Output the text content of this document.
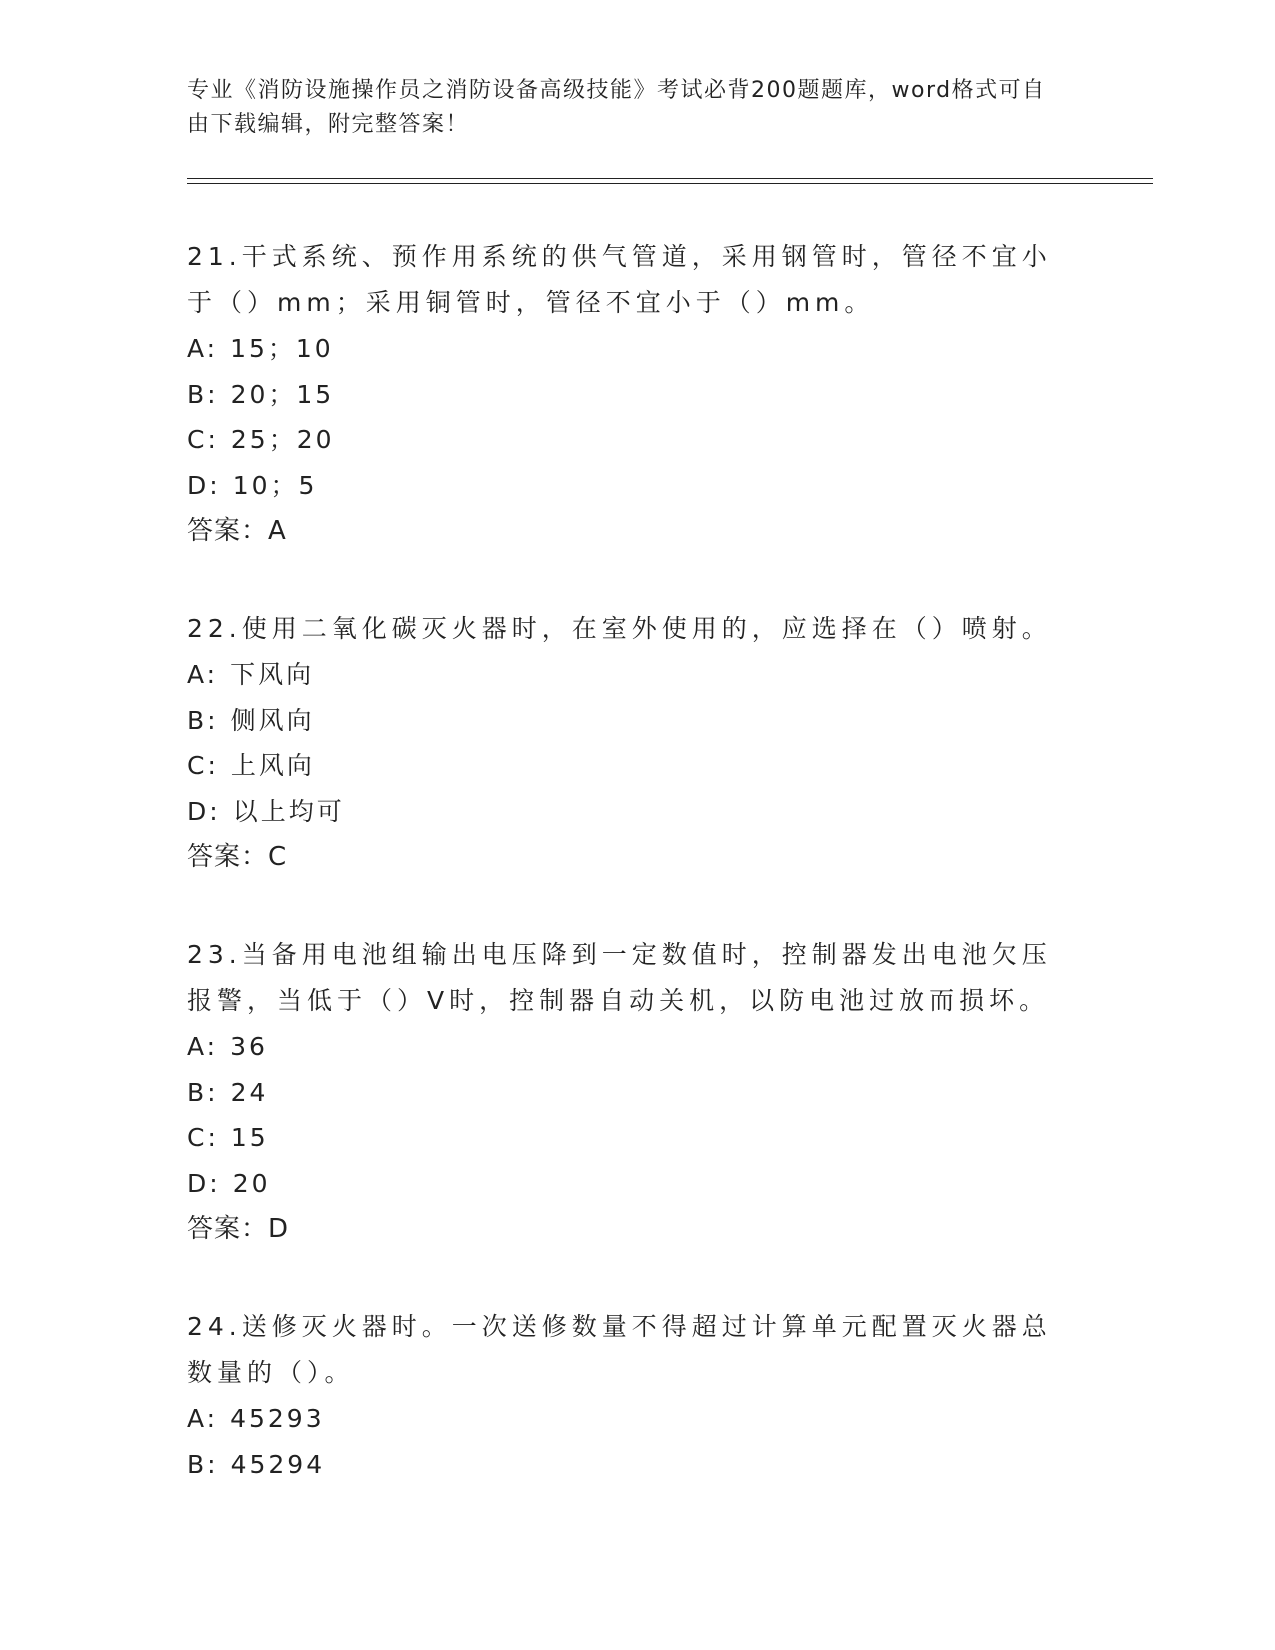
专业《消防设施操作员之消防设备高级技能》考试必背200题题库，word格式可自由下载编辑，附完整答案！
21.干式系统、预作用系统的供气管道，采用钢管时，管径不宜小于（）mm；采用铜管时，管径不宜小于（）mm。
A: 15；10
B: 20；15
C: 25；20
D: 10；5
答案：A
22.使用二氧化碳灭火器时，在室外使用的，应选择在（）喷射。
A: 下风向
B: 侧风向
C: 上风向
D: 以上均可
答案：C
23.当备用电池组输出电压降到一定数值时，控制器发出电池欠压报警，当低于（）V时，控制器自动关机，以防电池过放而损坏。
A: 36
B: 24
C: 15
D: 20
答案：D
24.送修灭火器时。一次送修数量不得超过计算单元配置灭火器总数量的（）。
A: 45293
B: 45294
